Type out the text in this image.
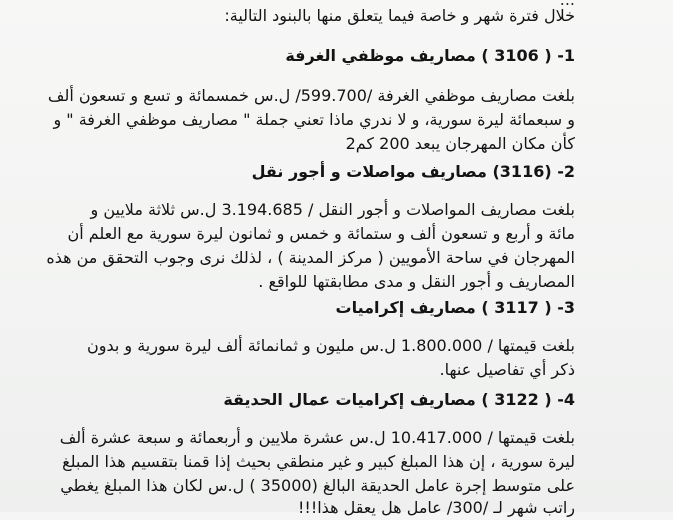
خلال فترة شهر و خاصة فيما يتعلق منها بالبنود التالية:
1- ( 3106 ) مصاريف موظفي الغرفة
بلغت مصاريف موظفي الغرفة /599.700/ ل.س خمسمائة و تسع و تسعون ألف
و سبعمائة ليرة سورية، و لا ندري ماذا تعني جملة " مصاريف موظفي الغرفة " و
كأن مكان المهرجان يبعد 200 كم2
2- (3116) مصاريف مواصلات و أجور نقل
بلغت مصاريف المواصلات و أجور النقل / 3.194.685 ل.س ثلاثة ملايين و
مائة و أربع و تسعون ألف و ستمائة و خمس و ثمانون ليرة سورية مع العلم أن
المهرجان في ساحة الأمويين ( مركز المدينة ) ، لذلك نرى وجوب التحقق من هذه
المصاريف و أجور النقل و مدى مطابقتها للواقع .
3- ( 3117 ) مصاريف إكراميات
بلغت قيمتها / 1.800.000 ل.س مليون و ثمانمائة ألف ليرة سورية و بدون
ذكر أي تفاصيل عنها.
4- ( 3122 ) مصاريف إكراميات عمال الحديقة
بلغت قيمتها / 10.417.000 ل.س عشرة ملايين و أربعمائة و سبعة عشرة ألف
ليرة سورية ، إن هذا المبلغ كبير و غير منطقي بحيث إذا قمنا بتقسيم هذا المبلغ
على متوسط إجرة عامل الحديقة البالغ (35000 ) ل.س لكان هذا المبلغ يغطي
راتب شهر لـ /300/ عامل هل يعقل هذا!!!
